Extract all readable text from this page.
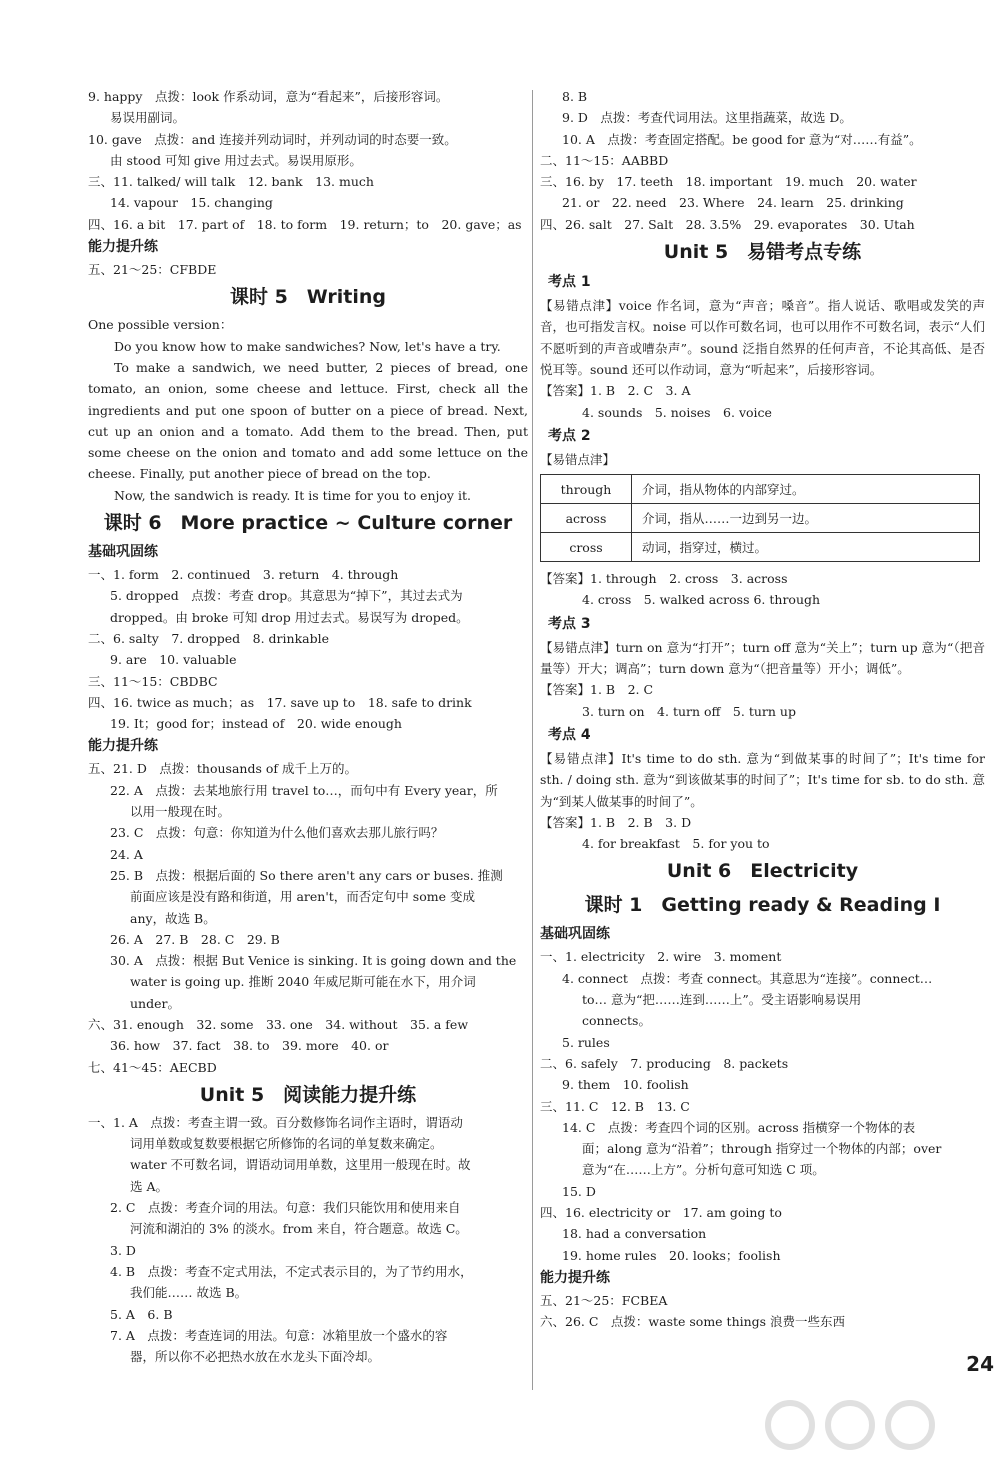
9. happy　点拨：look 作系动词，意为“看起来”，后接形容词。
易误用副词。
10. gave　点拨：and 连接并列动词时，并列动词的时态要一致。
由 stood 可知 give 用过去式。易误用原形。
三、11. talked/ will talk　12. bank　13. much
14. vapour　15. changing
四、16. a bit　17. part of　18. to form　19. return；to　20. gave；as
能力提升练
五、21～25：CFBDE
课时 5　Writing
One possible version：
Do you know how to make sandwiches? Now, let's have a try.
To make a sandwich, we need butter, 2 pieces of bread, one tomato, an onion, some cheese and lettuce. First, check all the ingredients and put one spoon of butter on a piece of bread. Next, cut up an onion and a tomato. Add them to the bread. Then, put some cheese on the onion and tomato and add some lettuce on the cheese. Finally, put another piece of bread on the top.
Now, the sandwich is ready. It is time for you to enjoy it.
课时 6　More practice ~ Culture corner
基础巩固练
一、1. form　2. continued　3. return　4. through
5. dropped　点拨：考查 drop。其意思为“掉下”，其过去式为
dropped。由 broke 可知 drop 用过去式。易误写为 droped。
二、6. salty　7. dropped　8. drinkable
9. are　10. valuable
三、11～15：CBDBC
四、16. twice as much；as　17. save up to　18. safe to drink
19. It；good for；instead of　20. wide enough
能力提升练
五、21. D　点拨：thousands of 成千上万的。
22. A　点拨：去某地旅行用 travel to…，而句中有 Every year，所
以用一般现在时。
23. C　点拨：句意：你知道为什么他们喜欢去那儿旅行吗？
24. A
25. B　点拨：根据后面的 So there aren't any cars or buses. 推测
前面应该是没有路和街道，用 aren't，而否定句中 some 变成
any，故选 B。
26. A　27. B　28. C　29. B
30. A　点拨：根据 But Venice is sinking. It is going down and the
water is going up. 推断 2040 年威尼斯可能在水下，用介词
under。
六、31. enough　32. some　33. one　34. without　35. a few
36. how　37. fact　38. to　39. more　40. or
七、41～45：AECBD
Unit 5　阅读能力提升练
一、1. A　点拨：考查主谓一致。百分数修饰名词作主语时，谓语动
词用单数或复数要根据它所修饰的名词的单复数来确定。
water 不可数名词，谓语动词用单数，这里用一般现在时。故
选 A。
2. C　点拨：考查介词的用法。句意：我们只能饮用和使用来自
河流和湖泊的 3% 的淡水。from 来自，符合题意。故选 C。
3. D
4. B　点拨：考查不定式用法，不定式表示目的，为了节约用水，
我们能…… 故选 B。
5. A　6. B
7. A　点拨：考查连词的用法。句意：冰箱里放一个盛水的容
器，所以你不必把热水放在水龙头下面冷却。
8. B
9. D　点拨：考查代词用法。这里指蔬菜，故选 D。
10. A　点拨：考查固定搭配。be good for 意为“对……有益”。
二、11～15：AABBD
三、16. by　17. teeth　18. important　19. much　20. water
21. or　22. need　23. Where　24. learn　25. drinking
四、26. salt　27. Salt　28. 3.5%　29. evaporates　30. Utah
Unit 5　易错考点专练
考点 1
【易错点津】voice 作名词，意为“声音；嗓音”。指人说话、歌唱或发笑的声音，也可指发言权。noise 可以作可数名词，也可以用作不可数名词，表示“人们不愿听到的声音或嘈杂声”。sound 泛指自然界的任何声音，不论其高低、是否悦耳等。sound 还可以作动词，意为“听起来”，后接形容词。
【答案】1. B　2. C　3. A
4. sounds　5. noises　6. voice
考点 2
【易错点津】
through	介词，指从物体的内部穿过。
across	介词，指从……一边到另一边。
cross	动词，指穿过，横过。
【答案】1. through　2. cross　3. across
4. cross　5. walked across 6. through
考点 3
【易错点津】turn on 意为“打开”；turn off 意为“关上”；turn up 意为“（把音量等）开大；调高”；turn down 意为“（把音量等）开小；调低”。
【答案】1. B　2. C
3. turn on　4. turn off　5. turn up
考点 4
【易错点津】It's time to do sth. 意为“到做某事的时间了”；It's time for sth. / doing sth. 意为“到该做某事的时间了”；It's time for sb. to do sth. 意为“到某人做某事的时间了”。
【答案】1. B　2. B　3. D
4. for breakfast　5. for you to
Unit 6　Electricity
课时 1　Getting ready & Reading Ⅰ
基础巩固练
一、1. electricity　2. wire　3. moment
4. connect　点拨：考查 connect。其意思为“连接”。connect…
to… 意为“把……连到……上”。受主语影响易误用
connects。
5. rules
二、6. safely　7. producing　8. packets
9. them　10. foolish
三、11. C　12. B　13. C
14. C　点拨：考查四个词的区别。across 指横穿一个物体的表
面；along 意为“沿着”；through 指穿过一个物体的内部；over
意为“在……上方”。分析句意可知选 C 项。
15. D
四、16. electricity or　17. am going to
18. had a conversation
19. home rules　20. looks；foolish
能力提升练
五、21～25：FCBEA
六、26. C　点拨：waste some things 浪费一些东西
24
